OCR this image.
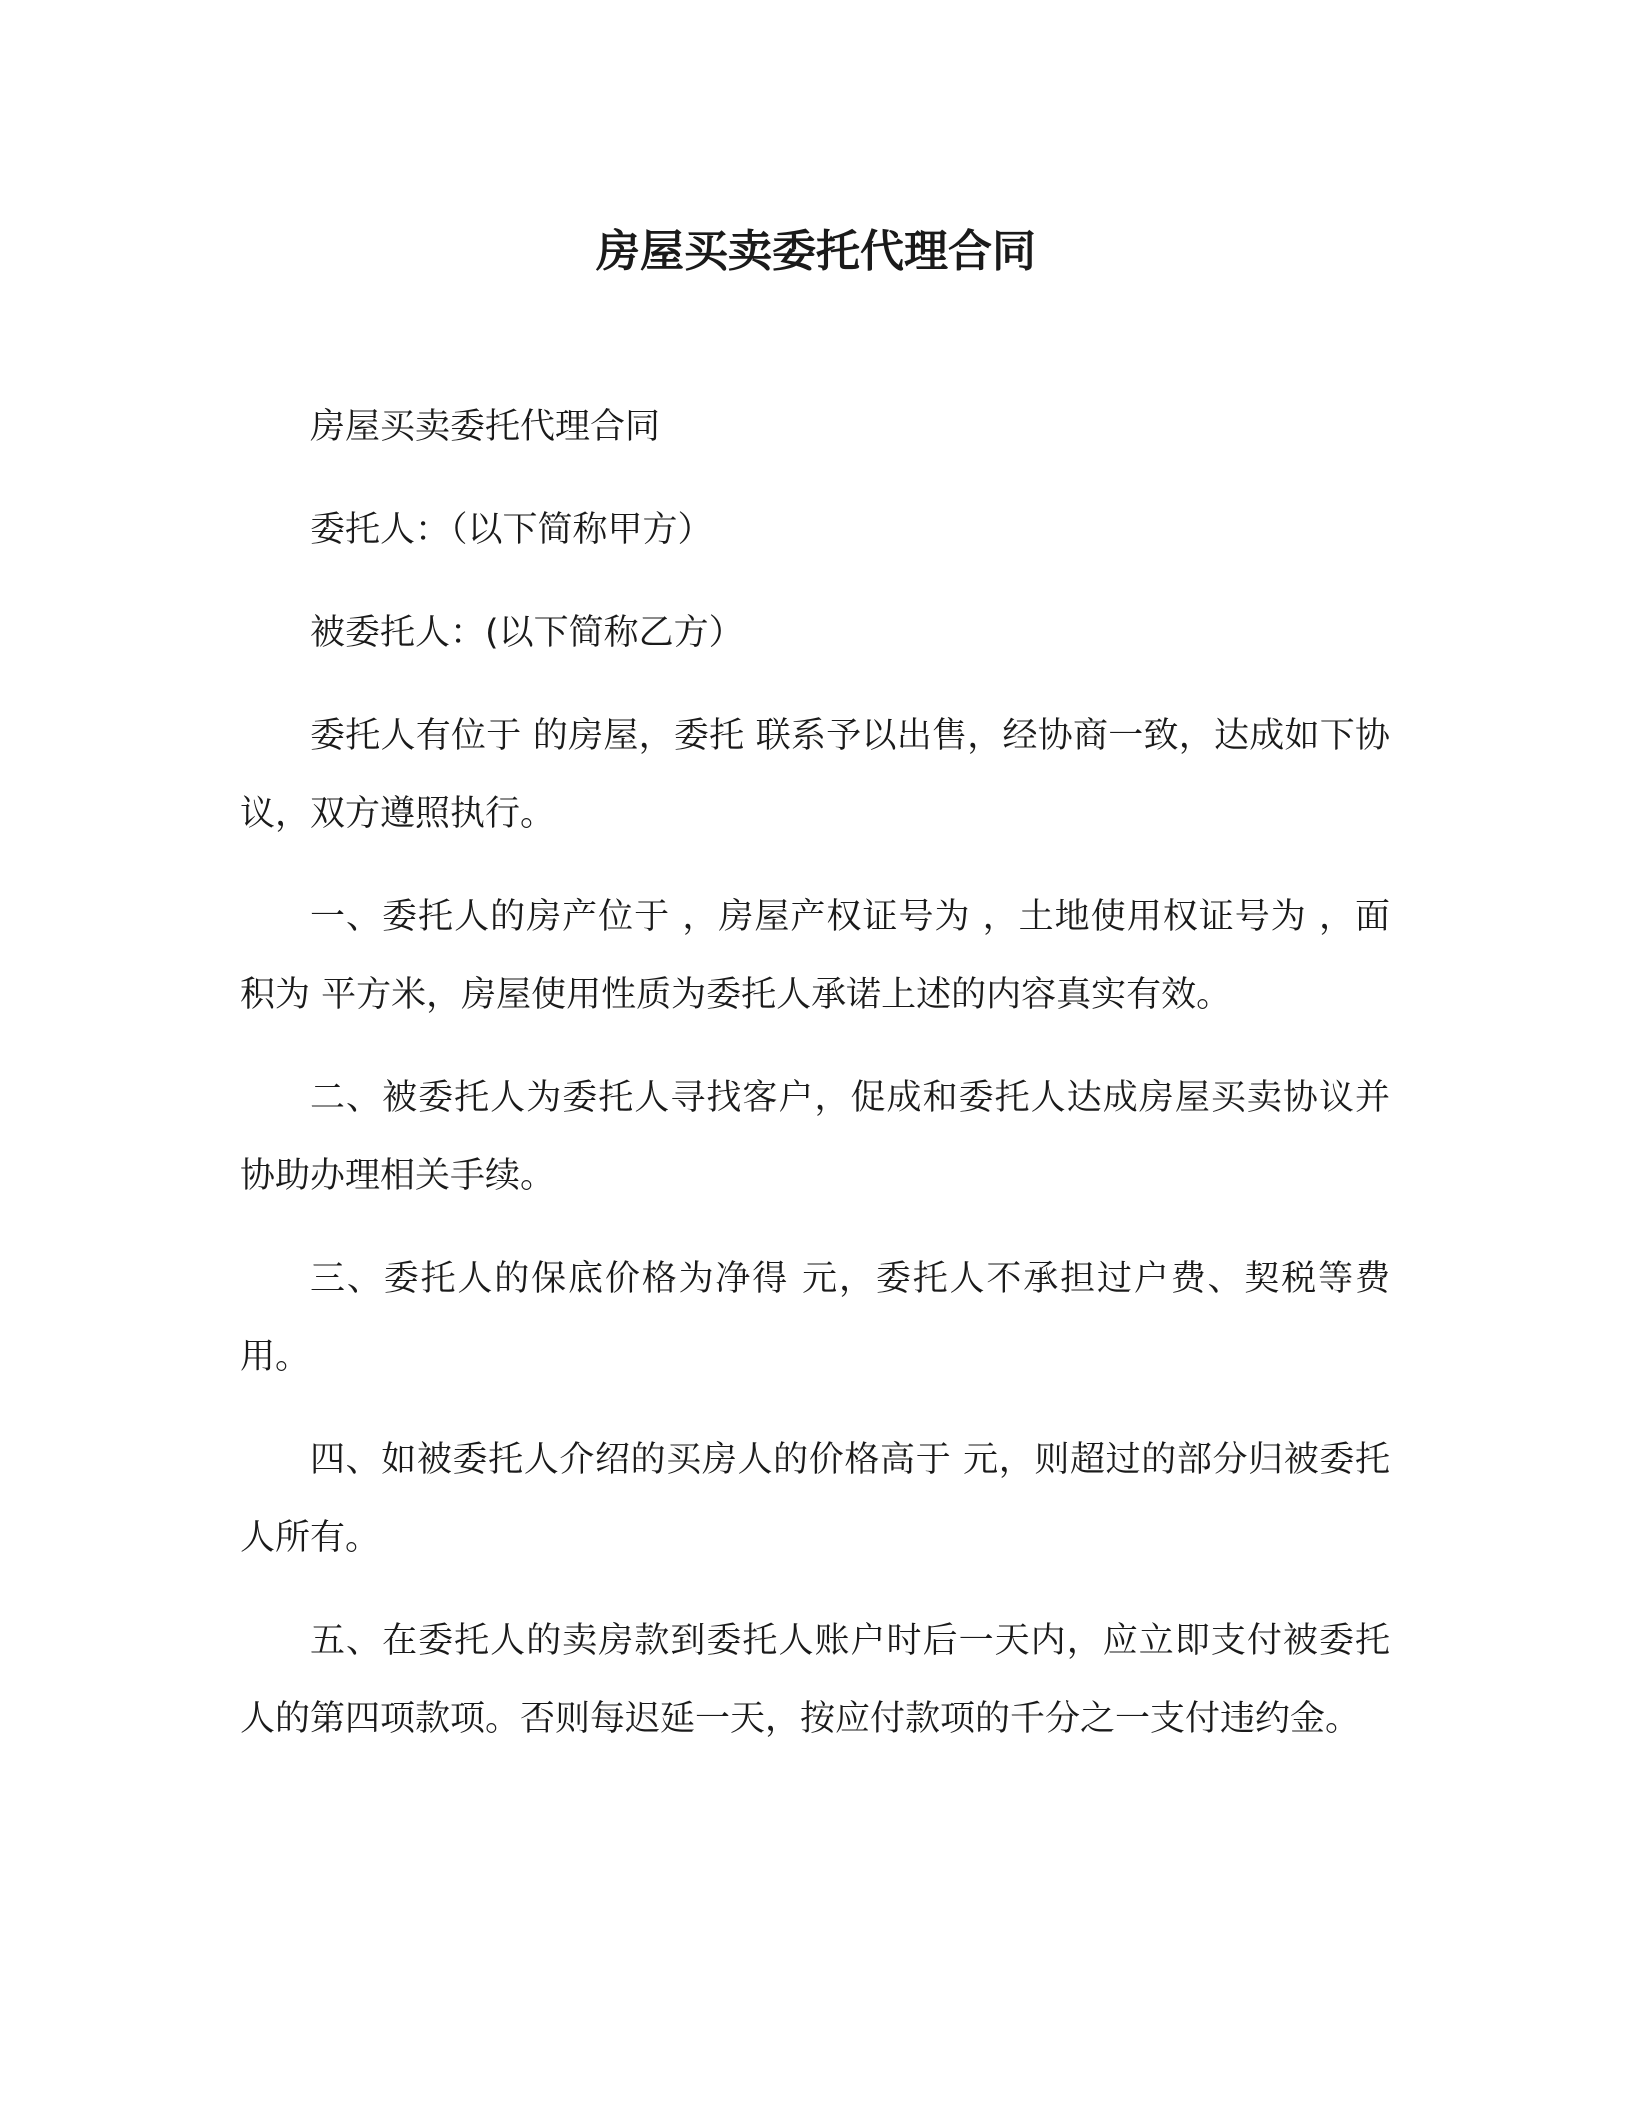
房屋买卖委托代理合同

房屋买卖委托代理合同

委托人：（以下简称甲方）

被委托人：(以下简称乙方）

委托人有位于 的房屋，委托 联系予以出售，经协商一致，达成如下协议，双方遵照执行。

一、委托人的房产位于 ，房屋产权证号为 ，土地使用权证号为 ，面积为 平方米，房屋使用性质为委托人承诺上述的内容真实有效。

二、被委托人为委托人寻找客户，促成和委托人达成房屋买卖协议并协助办理相关手续。

三、委托人的保底价格为净得 元，委托人不承担过户费、契税等费用。

四、如被委托人介绍的买房人的价格高于 元，则超过的部分归被委托人所有。

五、在委托人的卖房款到委托人账户时后一天内，应立即支付被委托人的第四项款项。否则每迟延一天，按应付款项的千分之一支付违约金。
